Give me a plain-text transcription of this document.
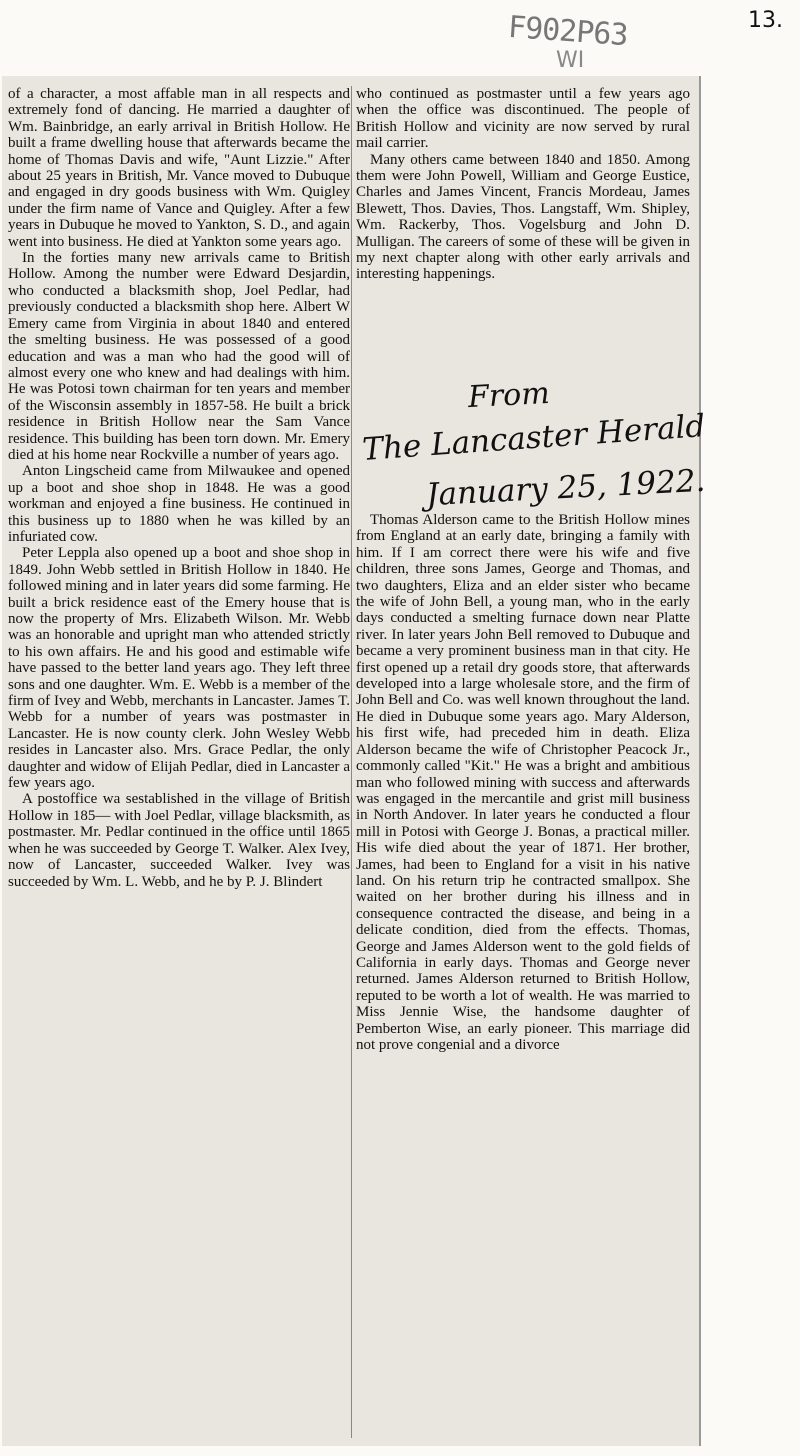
F902P63
WI
13.

of a character, a most affable man in all respects and extremely fond of dancing. He married a daughter of Wm. Bainbridge, an early arrival in British Hollow. He built a frame dwelling house that afterwards became the home of Thomas Davis and wife, "Aunt Lizzie." After about 25 years in British, Mr. Vance moved to Dubuque and engaged in dry goods business with Wm. Quigley under the firm name of Vance and Quigley. After a few years in Dubuque he moved to Yankton, S. D., and again went into business. He died at Yankton some years ago.

In the forties many new arrivals came to British Hollow. Among the number were Edward Desjardin, who conducted a blacksmith shop, Joel Pedlar, had previously conducted a blacksmith shop here. Albert W Emery came from Virginia in about 1840 and entered the smelting business. He was possessed of a good education and was a man who had the good will of almost every one who knew and had dealings with him. He was Potosi town chairman for ten years and member of the Wisconsin assembly in 1857-58. He built a brick residence in British Hollow near the Sam Vance residence. This building has been torn down. Mr. Emery died at his home near Rockville a number of years ago.

Anton Lingscheid came from Milwaukee and opened up a boot and shoe shop in 1848. He was a good workman and enjoyed a fine business. He continued in this business up to 1880 when he was killed by an infuriated cow.

Peter Leppla also opened up a boot and shoe shop in 1849. John Webb settled in British Hollow in 1840. He followed mining and in later years did some farming. He built a brick residence east of the Emery house that is now the property of Mrs. Elizabeth Wilson. Mr. Webb was an honorable and upright man who attended strictly to his own affairs. He and his good and estimable wife have passed to the better land years ago. They left three sons and one daughter. Wm. E. Webb is a member of the firm of Ivey and Webb, merchants in Lancaster. James T. Webb for a number of years was postmaster in Lancaster. He is now county clerk. John Wesley Webb resides in Lancaster also. Mrs. Grace Pedlar, the only daughter and widow of Elijah Pedlar, died in Lancaster a few years ago.

A postoffice wa sestablished in the village of British Hollow in 185— with Joel Pedlar, village blacksmith, as postmaster. Mr. Pedlar continued in the office until 1865 when he was succeeded by George T. Walker. Alex Ivey, now of Lancaster, succeeded Walker. Ivey was succeeded by Wm. L. Webb, and he by P. J. Blindert

who continued as postmaster until a few years ago when the office was discontinued. The people of British Hollow and vicinity are now served by rural mail carrier.

Many others came between 1840 and 1850. Among them were John Powell, William and George Eustice, Charles and James Vincent, Francis Mordeau, James Blewett, Thos. Davies, Thos. Langstaff, Wm. Shipley, Wm. Rackerby, Thos. Vogelsburg and John D. Mulligan. The careers of some of these will be given in my next chapter along with other early arrivals and interesting happenings.

From
The Lancaster Herald
January 25, 1922.

Thomas Alderson came to the British Hollow mines from England at an early date, bringing a family with him. If I am correct there were his wife and five children, three sons James, George and Thomas, and two daughters, Eliza and an elder sister who became the wife of John Bell, a young man, who in the early days conducted a smelting furnace down near Platte river. In later years John Bell removed to Dubuque and became a very prominent business man in that city. He first opened up a retail dry goods store, that afterwards developed into a large wholesale store, and the firm of John Bell and Co. was well known throughout the land. He died in Dubuque some years ago. Mary Alderson, his first wife, had preceded him in death. Eliza Alderson became the wife of Christopher Peacock Jr., commonly called "Kit." He was a bright and ambitious man who followed mining with success and afterwards was engaged in the mercantile and grist mill business in North Andover. In later years he conducted a flour mill in Potosi with George J. Bonas, a practical miller. His wife died about the year of 1871. Her brother, James, had been to England for a visit in his native land. On his return trip he contracted smallpox. She waited on her brother during his illness and in consequence contracted the disease, and being in a delicate condition, died from the effects. Thomas, George and James Alderson went to the gold fields of California in early days. Thomas and George never returned. James Alderson returned to British Hollow, reputed to be worth a lot of wealth. He was married to Miss Jennie Wise, the handsome daughter of Pemberton Wise, an early pioneer. This marriage did not prove congenial and a divorce
